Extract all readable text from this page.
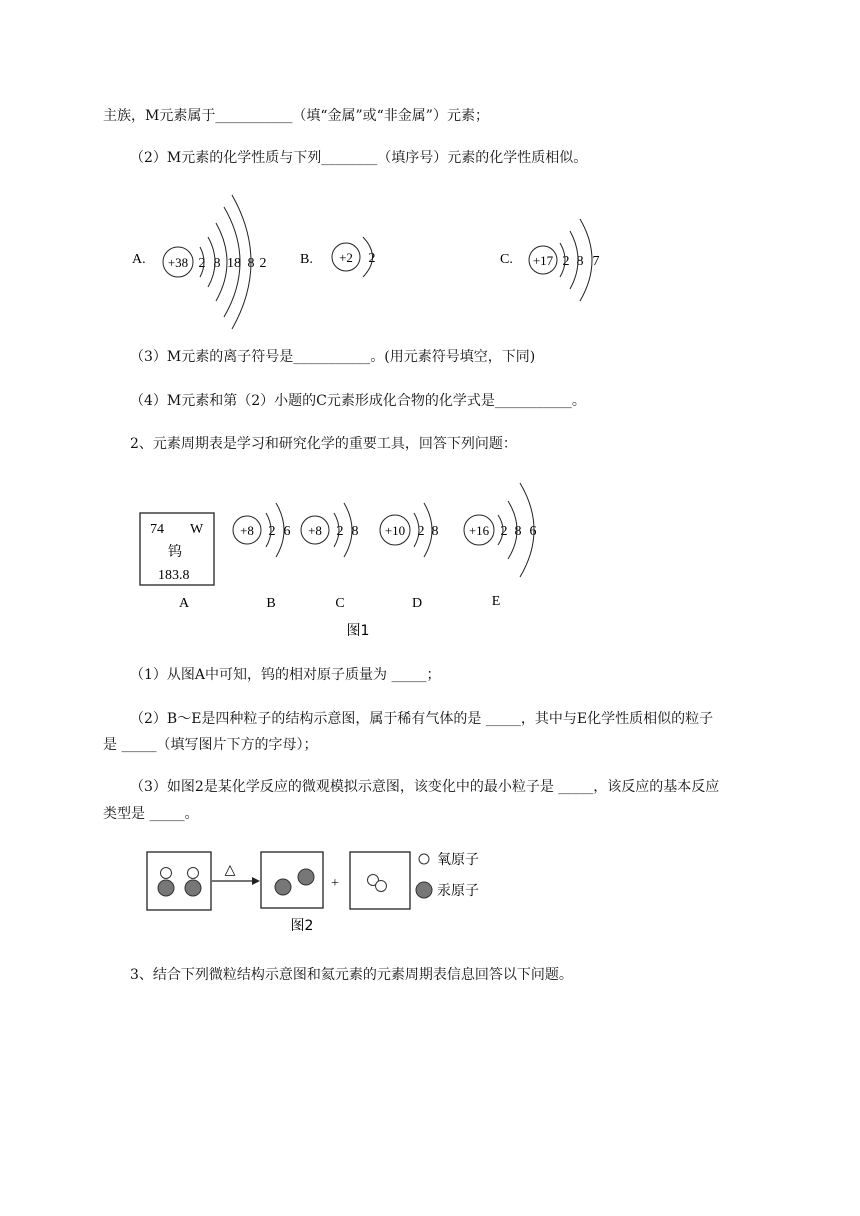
主族，M元素属于___________（填“金属”或“非金属”）元素；
（2）M元素的化学性质与下列________（填序号）元素的化学性质相似。
A. +38 2 8 18 8 2 B. +2 2	C. +17 2 8 7
（3）M元素的离子符号是___________。(用元素符号填空，下同)
（4）M元素和第（2）小题的C元素形成化合物的化学式是___________。
2、元素周期表是学习和研究化学的重要工具，回答下列问题：
74 W
钨
183.8
+8 2 6 +8 2 8 +10 2 8 +16 2 8 6
A	B	C	D	E
图1
（1）从图A中可知，钨的相对原子质量为 _____；
（2）B～E是四种粒子的结构示意图，属于稀有气体的是 _____，其中与E化学性质相似的粒子
是 _____（填写图片下方的字母）；
（3）如图2是某化学反应的微观模拟示意图，该变化中的最小粒子是 _____，该反应的基本反应
类型是 _____。
△
+
氧原子
汞原子
图2
3、结合下列微粒结构示意图和氦元素的元素周期表信息回答以下问题。
